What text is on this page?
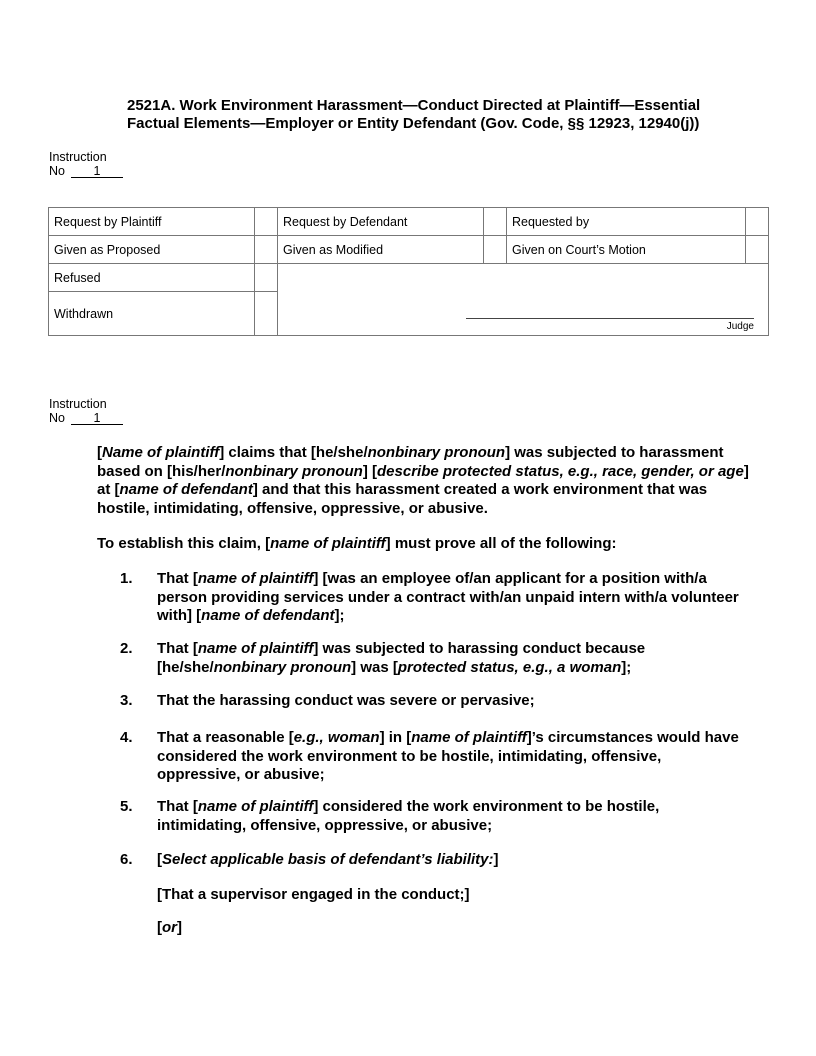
2521A. Work Environment Harassment—Conduct Directed at Plaintiff—Essential
Factual Elements—Employer or Entity Defendant (Gov. Code, §§ 12923, 12940(j))
Instruction
No 1
Request by Plaintiff		Request by Defendant		Requested by	
Given as Proposed		Given as Modified		Given on Court’s Motion	
Refused		Judge			

Withdrawn					
Instruction
No 1
[Name of plaintiff] claims that [he/she/nonbinary pronoun] was subjected to harassment based on [his/her/nonbinary pronoun] [describe protected status, e.g., race, gender, or age] at [name of defendant] and that this harassment created a work environment that was hostile, intimidating, offensive, oppressive, or abusive.
To establish this claim, [name of plaintiff] must prove all of the following:
1.	That [name of plaintiff] [was an employee of/an applicant for a position with/a person providing services under a contract with/an unpaid intern with/a volunteer with] [name of defendant];
2.	That [name of plaintiff] was subjected to harassing conduct because [he/she/nonbinary pronoun] was [protected status, e.g., a woman];
3.	That the harassing conduct was severe or pervasive;
4.	That a reasonable [e.g., woman] in [name of plaintiff]’s circumstances would have considered the work environment to be hostile, intimidating, offensive, oppressive, or abusive;
5.	That [name of plaintiff] considered the work environment to be hostile, intimidating, offensive, oppressive, or abusive;
6.	[Select applicable basis of defendant’s liability:]
[That a supervisor engaged in the conduct;]
[or]
